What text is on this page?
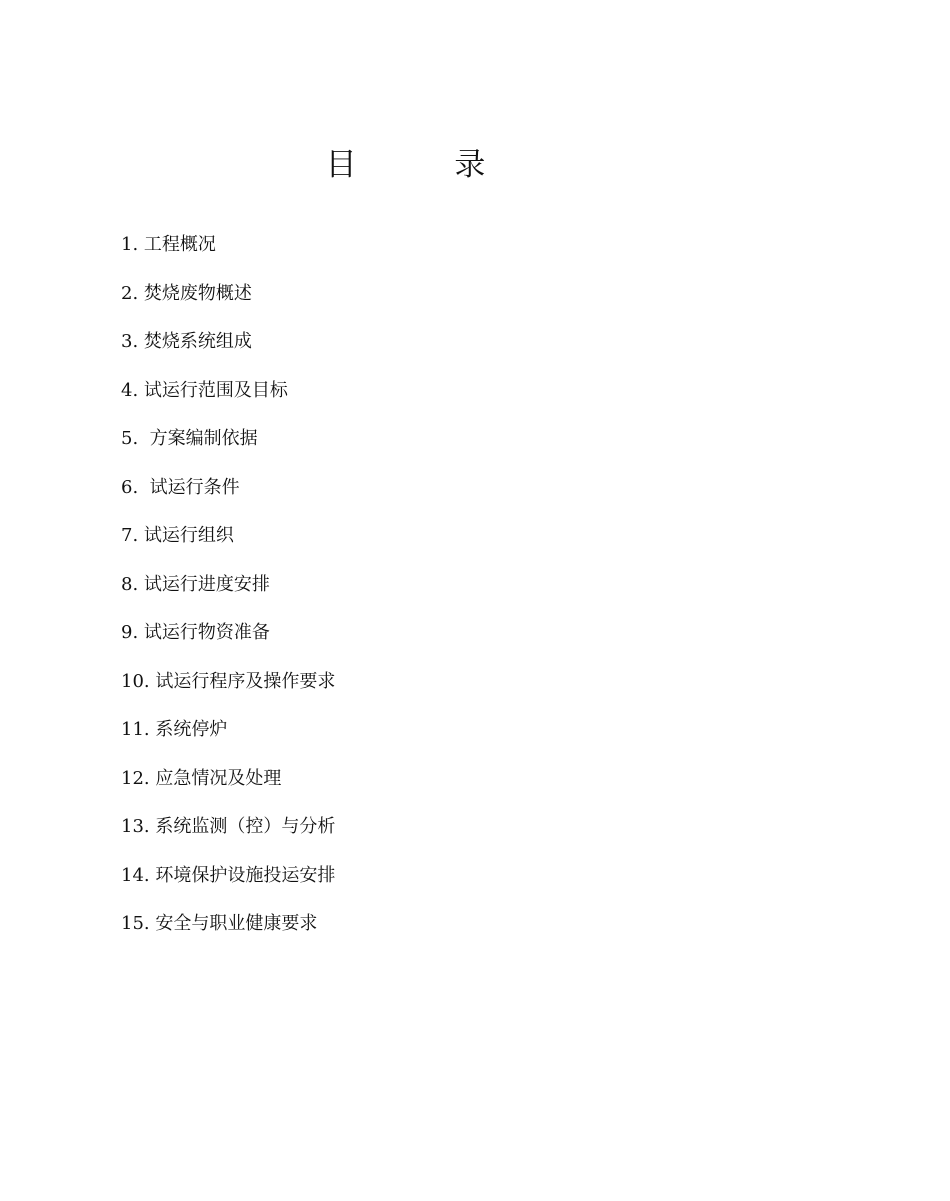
目 录
1. 工程概况
2. 焚烧废物概述
3. 焚烧系统组成
4. 试运行范围及目标
5.  方案编制依据
6.  试运行条件
7. 试运行组织
8. 试运行进度安排
9. 试运行物资准备
10. 试运行程序及操作要求
11. 系统停炉
12. 应急情况及处理
13. 系统监测（控）与分析
14. 环境保护设施投运安排
15. 安全与职业健康要求
